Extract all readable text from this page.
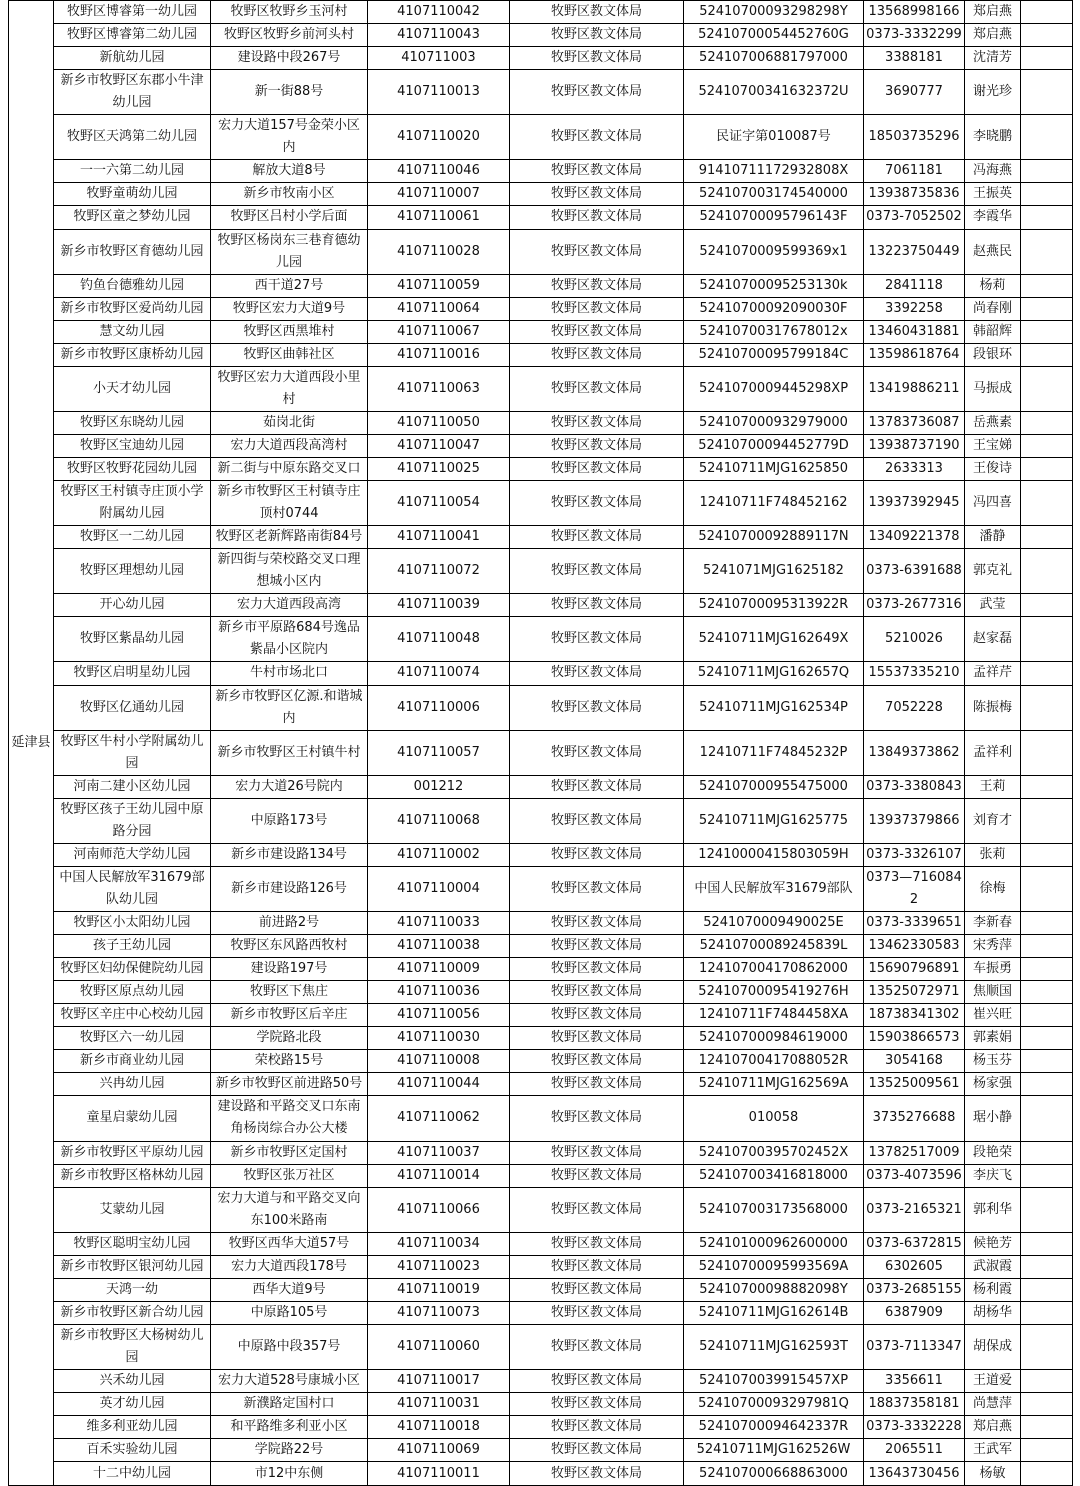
延津县	牧野区博睿第一幼儿园	牧野区牧野乡玉河村	4107110042	牧野区教文体局	52410700093298298Y	13568998166	郑启燕	
	牧野区博睿第二幼儿园	牧野区牧野乡前河头村	4107110043	牧野区教文体局	52410700054452760G	0373-3332299	郑启燕	
	新航幼儿园	建设路中段267号	410711003	牧野区教文体局	524107006881797000	3388181	沈清芳	
	新乡市牧野区东郡小牛津幼儿园	新一街88号	4107110013	牧野区教文体局	52410700341632372U	3690777	谢光珍	
	牧野区天鸿第二幼儿园	宏力大道157号金荣小区内	4107110020	牧野区教文体局	民证字第010087号	18503735296	李晓鹏	
	一一六第二幼儿园	解放大道8号	4107110046	牧野区教文体局	91410711172932808X	7061181	冯海燕	
	牧野童萌幼儿园	新乡市牧南小区	4107110007	牧野区教文体局	524107003174540000	13938735836	王振英	
	牧野区童之梦幼儿园	牧野区吕村小学后面	4107110061	牧野区教文体局	52410700095796143F	0373-7052502	李霞华	
	新乡市牧野区育德幼儿园	牧野区杨岗东三巷育德幼儿园	4107110028	牧野区教文体局	5241070009599369x1	13223750449	赵燕民	
	钓鱼台德雅幼儿园	西干道27号	4107110059	牧野区教文体局	52410700095253130k	2841118	杨莉	
	新乡市牧野区爱尚幼儿园	牧野区宏力大道9号	4107110064	牧野区教文体局	52410700092090030F	3392258	尚春刚	
	慧文幼儿园	牧野区西黑堆村	4107110067	牧野区教文体局	52410700317678012x	13460431881	韩韶辉	
	新乡市牧野区康桥幼儿园	牧野区曲韩社区	4107110016	牧野区教文体局	52410700095799184C	13598618764	段银环	
	小天才幼儿园	牧野区宏力大道西段小里村	4107110063	牧野区教文体局	5241070009445298XP	13419886211	马振成	
	牧野区东晓幼儿园	茹岗北街	4107110050	牧野区教文体局	524107000932979000	13783736087	岳燕素	
	牧野区宝迪幼儿园	宏力大道西段高湾村	4107110047	牧野区教文体局	52410700094452779D	13938737190	王宝娣	
	牧野区牧野花园幼儿园	新二街与中原东路交叉口	4107110025	牧野区教文体局	52410711MJG1625850	2633313	王俊诗	
	牧野区王村镇寺庄顶小学附属幼儿园	新乡市牧野区王村镇寺庄顶村0744	4107110054	牧野区教文体局	12410711F748452162	13937392945	冯四喜	
	牧野区一二幼儿园	牧野区老新辉路南街84号	4107110041	牧野区教文体局	52410700092889117N	13409221378	潘静	
	牧野区理想幼儿园	新四街与荣校路交叉口理想城小区内	4107110072	牧野区教文体局	5241071MJG1625182	0373-6391688	郭克礼	
	开心幼儿园	宏力大道西段高湾	4107110039	牧野区教文体局	52410700095313922R	0373-2677316	武莹	
	牧野区紫晶幼儿园	新乡市平原路684号逸品紫晶小区院内	4107110048	牧野区教文体局	52410711MJG162649X	5210026	赵家磊	
	牧野区启明星幼儿园	牛村市场北口	4107110074	牧野区教文体局	52410711MJG162657Q	15537335210	孟祥芹	
	牧野区亿通幼儿园	新乡市牧野区亿源.和谐城内	4107110006	牧野区教文体局	52410711MJG162534P	7052228	陈振梅	
	牧野区牛村小学附属幼儿园	新乡市牧野区王村镇牛村	4107110057	牧野区教文体局	12410711F74845232P	13849373862	孟祥利	
	河南二建小区幼儿园	宏力大道26号院内	001212	牧野区教文体局	524107000955475000	0373-3380843	王莉	
	牧野区孩子王幼儿园中原路分园	中原路173号	4107110068	牧野区教文体局	52410711MJG1625775	13937379866	刘育才	
	河南师范大学幼儿园	新乡市建设路134号	4107110002	牧野区教文体局	12410000415803059H	0373-3326107	张莉	
	中国人民解放军31679部队幼儿园	新乡市建设路126号	4107110004	牧野区教文体局	中国人民解放军31679部队	0373—7160842	徐梅	
	牧野区小太阳幼儿园	前进路2号	4107110033	牧野区教文体局	5241070009490025E	0373-3339651	李新春	
	孩子王幼儿园	牧野区东风路西牧村	4107110038	牧野区教文体局	52410700089245839L	13462330583	宋秀萍	
	牧野区妇幼保健院幼儿园	建设路197号	4107110009	牧野区教文体局	124107004170862000	15690796891	车振勇	
	牧野区原点幼儿园	牧野区下焦庄	4107110036	牧野区教文体局	52410700095419276H	13525072971	焦顺国	
	牧野区辛庄中心校幼儿园	新乡市牧野区后辛庄	4107110056	牧野区教文体局	12410711F7484458XA	18738341302	崔兴旺	
	牧野区六一幼儿园	学院路北段	4107110030	牧野区教文体局	524107000984619000	15903866573	郭素娟	
	新乡市商业幼儿园	荣校路15号	4107110008	牧野区教文体局	12410700417088052R	3054168	杨玉芬	
	兴冉幼儿园	新乡市牧野区前进路50号	4107110044	牧野区教文体局	52410711MJG162569A	13525009561	杨家强	
	童星启蒙幼儿园	建设路和平路交叉口东南角杨岗综合办公大楼	4107110062	牧野区教文体局	010058	3735276688	琚小静	
	新乡市牧野区平原幼儿园	新乡市牧野区定国村	4107110037	牧野区教文体局	52410700395702452X	13782517009	段艳荣	
	新乡市牧野区格林幼儿园	牧野区张万社区	4107110014	牧野区教文体局	524107003416818000	0373-4073596	李庆飞	
	艾蒙幼儿园	宏力大道与和平路交叉向东100米路南	4107110066	牧野区教文体局	524107003173568000	0373-2165321	郭利华	
	牧野区聪明宝幼儿园	牧野区西华大道57号	4107110034	牧野区教文体局	524101000962600000	0373-6372815	候艳芳	
	新乡市牧野区银河幼儿园	宏力大道西段178号	4107110023	牧野区教文体局	52410700095993569A	6302605	武淑霞	
	天鸿一幼	西华大道9号	4107110019	牧野区教文体局	52410700098882098Y	0373-2685155	杨利霞	
	新乡市牧野区新合幼儿园	中原路105号	4107110073	牧野区教文体局	52410711MJG162614B	6387909	胡杨华	
	新乡市牧野区大杨树幼儿园	中原路中段357号	4107110060	牧野区教文体局	52410711MJG162593T	0373-7113347	胡保成	
	兴禾幼儿园	宏力大道528号康城小区	4107110017	牧野区教文体局	5241070039915457XP	3356611	王道爱	
	英才幼儿园	新濮路定国村口	4107110031	牧野区教文体局	52410700093297981Q	18837358181	尚慧萍	
	维多利亚幼儿园	和平路维多利亚小区	4107110018	牧野区教文体局	52410700094642337R	0373-3332228	郑启燕	
	百禾实验幼儿园	学院路22号	4107110069	牧野区教文体局	52410711MJG162526W	2065511	王武军	
	十二中幼儿园	市12中东侧	4107110011	牧野区教文体局	524107000668863000	13643730456	杨敏	
